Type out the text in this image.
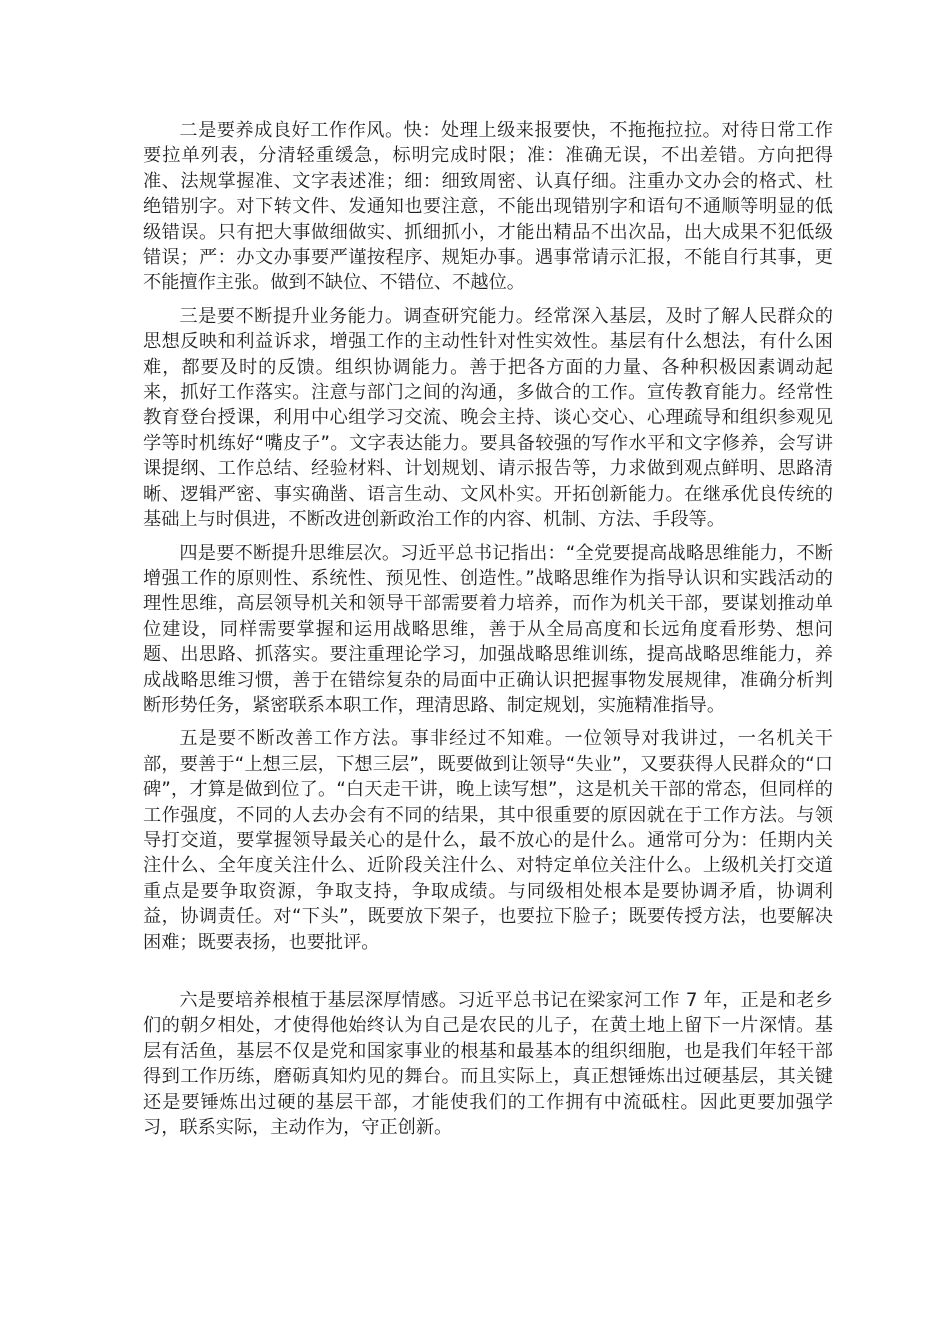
二是要养成良好工作作风。快：处理上级来报要快，不拖拖拉拉。对待日常工作要拉单列表，分清轻重缓急，标明完成时限；准：准确无误，不出差错。方向把得准、法规掌握准、文字表述准；细：细致周密、认真仔细。注重办文办会的格式、杜绝错别字。对下转文件、发通知也要注意，不能出现错别字和语句不通顺等明显的低级错误。只有把大事做细做实、抓细抓小，才能出精品不出次品，出大成果不犯低级错误；严：办文办事要严谨按程序、规矩办事。遇事常请示汇报，不能自行其事，更不能擅作主张。做到不缺位、不错位、不越位。

三是要不断提升业务能力。调查研究能力。经常深入基层，及时了解人民群众的思想反映和利益诉求，增强工作的主动性针对性实效性。基层有什么想法，有什么困难，都要及时的反馈。组织协调能力。善于把各方面的力量、各种积极因素调动起来，抓好工作落实。注意与部门之间的沟通，多做合的工作。宣传教育能力。经常性教育登台授课，利用中心组学习交流、晚会主持、谈心交心、心理疏导和组织参观见学等时机练好“嘴皮子”。文字表达能力。要具备较强的写作水平和文字修养，会写讲课提纲、工作总结、经验材料、计划规划、请示报告等，力求做到观点鲜明、思路清晰、逻辑严密、事实确凿、语言生动、文风朴实。开拓创新能力。在继承优良传统的基础上与时俱进，不断改进创新政治工作的内容、机制、方法、手段等。

四是要不断提升思维层次。习近平总书记指出：“全党要提高战略思维能力，不断增强工作的原则性、系统性、预见性、创造性。”战略思维作为指导认识和实践活动的理性思维，高层领导机关和领导干部需要着力培养，而作为机关干部，要谋划推动单位建设，同样需要掌握和运用战略思维，善于从全局高度和长远角度看形势、想问题、出思路、抓落实。要注重理论学习，加强战略思维训练，提高战略思维能力，养成战略思维习惯，善于在错综复杂的局面中正确认识把握事物发展规律，准确分析判断形势任务，紧密联系本职工作，理清思路、制定规划，实施精准指导。

五是要不断改善工作方法。事非经过不知难。一位领导对我讲过，一名机关干部，要善于“上想三层，下想三层”，既要做到让领导“失业”，又要获得人民群众的“口碑”，才算是做到位了。“白天走干讲，晚上读写想”，这是机关干部的常态，但同样的工作强度，不同的人去办会有不同的结果，其中很重要的原因就在于工作方法。与领导打交道，要掌握领导最关心的是什么，最不放心的是什么。通常可分为：任期内关注什么、全年度关注什么、近阶段关注什么、对特定单位关注什么。上级机关打交道重点是要争取资源，争取支持，争取成绩。与同级相处根本是要协调矛盾，协调利益，协调责任。对“下头”，既要放下架子，也要拉下脸子；既要传授方法，也要解决困难；既要表扬，也要批评。

六是要培养根植于基层深厚情感。习近平总书记在梁家河工作 7 年，正是和老乡们的朝夕相处，才使得他始终认为自己是农民的儿子，在黄土地上留下一片深情。基层有活鱼，基层不仅是党和国家事业的根基和最基本的组织细胞，也是我们年轻干部得到工作历练，磨砺真知灼见的舞台。而且实际上，真正想锤炼出过硬基层，其关键还是要锤炼出过硬的基层干部，才能使我们的工作拥有中流砥柱。因此更要加强学习，联系实际，主动作为，守正创新。
